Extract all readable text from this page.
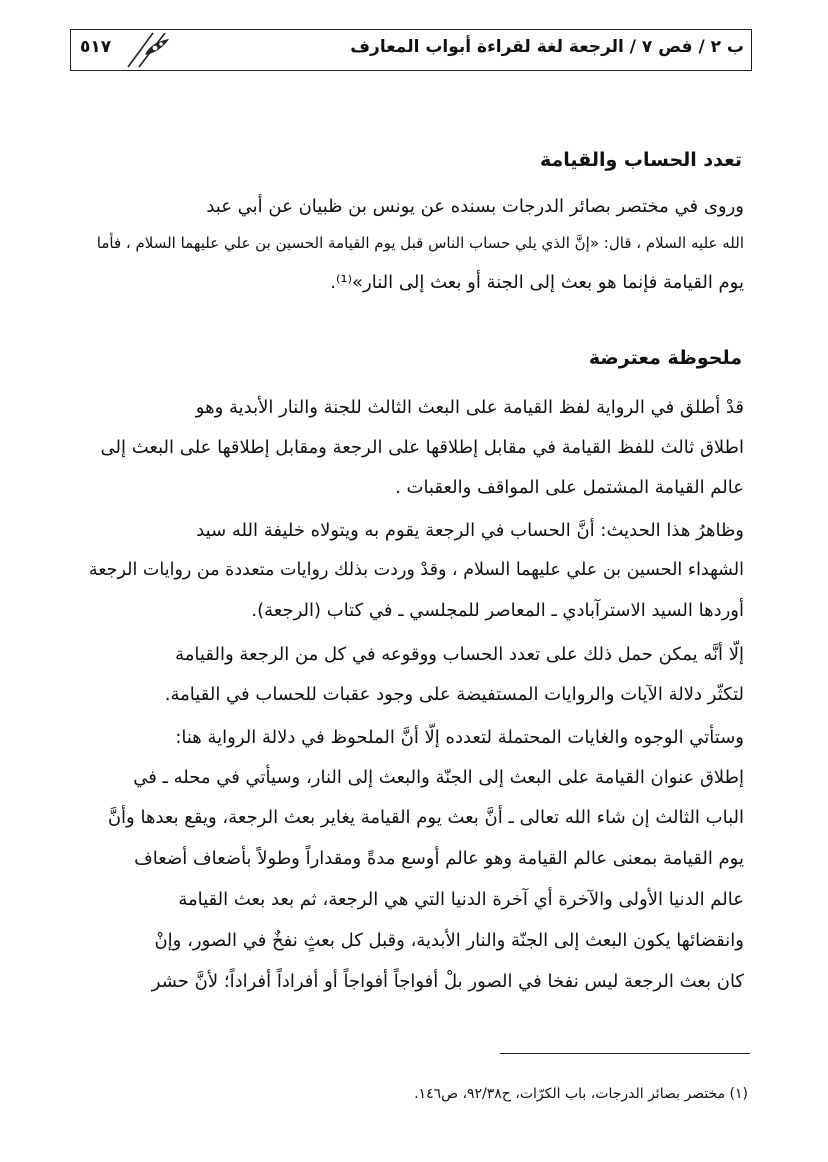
ب ٢ / فص ٧ / الرجعة لغة لقراءة أبواب المعارف
٥١٧
تعدد الحساب والقيامة
وروى في مختصر بصائر الدرجات بسنده عن يونس بن ظبيان عن أبي عبد
الله عليه السلام ، قال: «إنَّ الذي يلي حساب الناس قبل يوم القيامة الحسين بن علي عليهما السلام ، فأما
يوم القيامة فإنما هو بعث إلى الجنة أو بعث إلى النار»⁽¹⁾.
ملحوظة معترضة
قدْ أطلق في الرواية لفظ القيامة على البعث الثالث للجنة والنار الأبدية وهو
اطلاق ثالث للفظ القيامة في مقابل إطلاقها على الرجعة ومقابل إطلاقها على البعث إلى
عالم القيامة المشتمل على المواقف والعقبات .
وظاهرُ هذا الحديث: أنَّ الحساب في الرجعة يقوم به ويتولاه خليفة الله سيد
الشهداء الحسين بن علي عليهما السلام ، وقدْ وردت بذلك روايات متعددة من روايات الرجعة
أوردها السيد الاسترآبادي ـ المعاصر للمجلسي ـ في كتاب (الرجعة).
إلّا أنَّه يمكن حمل ذلك على تعدد الحساب ووقوعه في كل من الرجعة والقيامة
لتكثّر دلالة الآيات والروايات المستفيضة على وجود عقبات للحساب في القيامة.
وستأتي الوجوه والغايات المحتملة لتعدده إلّا أنَّ الملحوظ في دلالة الرواية هنا:
إطلاق عنوان القيامة على البعث إلى الجنّة والبعث إلى النار، وسيأتي في محله ـ في
الباب الثالث إن شاء الله تعالى ـ أنَّ بعث يوم القيامة يغاير بعث الرجعة، ويقع بعدها وأنَّ
يوم القيامة بمعنى عالم القيامة وهو عالم أوسع مدةً ومقداراً وطولاً بأضعاف أضعاف
عالم الدنيا الأولى والآخرة أي آخرة الدنيا التي هي الرجعة، ثم بعد بعث القيامة
وانقضائها يكون البعث إلى الجنّة والنار الأبدية، وقبل كل بعثٍ نفخٌ في الصور، وإنْ
كان بعث الرجعة ليس نفخا في الصور بلْ أفواجاً أفواجاً أو أفراداً أفراداً؛ لأنَّ حشر
(١) مختصر بصائر الدرجات، باب الكرّات، ح٩٢/٣٨، ص١٤٦.
